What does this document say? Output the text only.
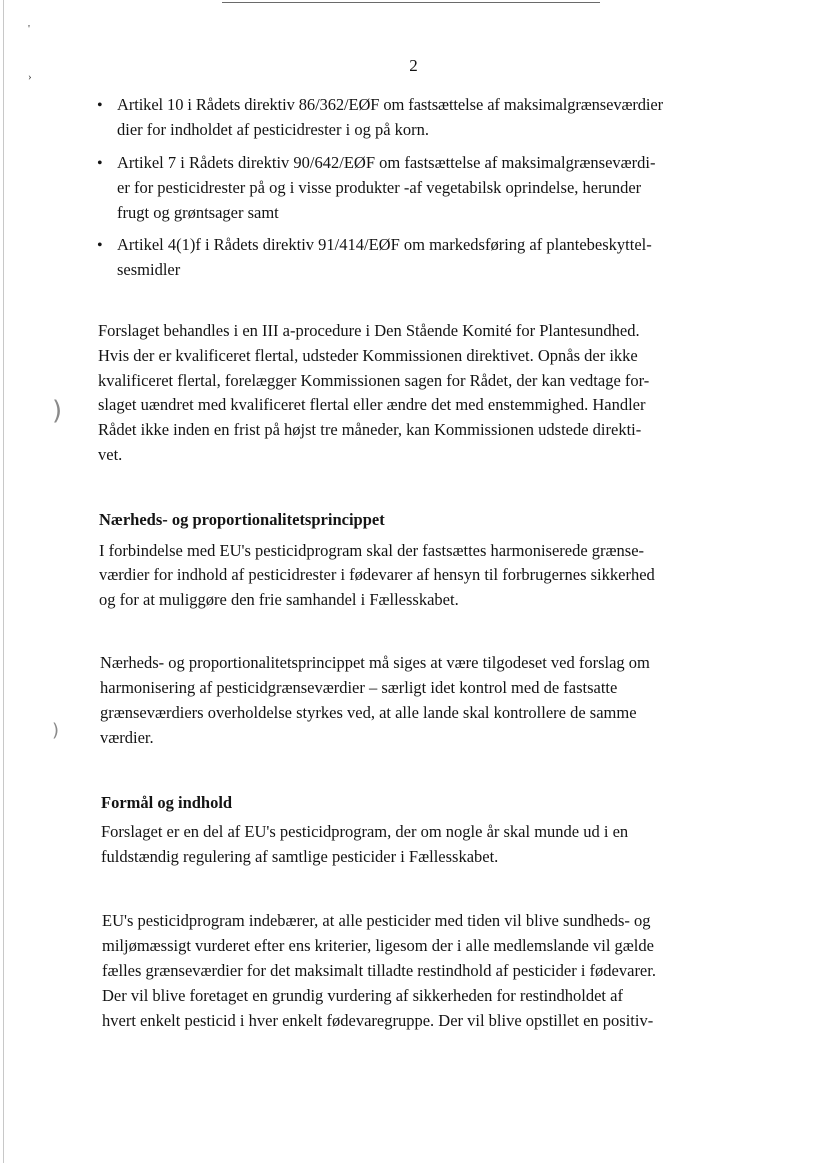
'
›
)
)
2
• Artikel 10 i Rådets direktiv 86/362/EØF om fastsættelse af maksimalgrænseværdier
dier for indholdet af pesticidrester i og på korn.
• Artikel 7 i Rådets direktiv 90/642/EØF om fastsættelse af maksimalgrænseværdi-
er for pesticidrester på og i visse produkter -af vegetabilsk oprindelse, herunder
frugt og grøntsager samt
• Artikel 4(1)f i Rådets direktiv 91/414/EØF om markedsføring af plantebeskyttel-
sesmidler
Forslaget behandles i en III a-procedure i Den Stående Komité for Plantesundhed.
Hvis der er kvalificeret flertal, udsteder Kommissionen direktivet. Opnås der ikke
kvalificeret flertal, forelægger Kommissionen sagen for Rådet, der kan vedtage for-
slaget uændret med kvalificeret flertal eller ændre det med enstemmighed. Handler
Rådet ikke inden en frist på højst tre måneder, kan Kommissionen udstede direkti-
vet.
Nærheds- og proportionalitetsprincippet
I forbindelse med EU's pesticidprogram skal der fastsættes harmoniserede grænse-
værdier for indhold af pesticidrester i fødevarer af hensyn til forbrugernes sikkerhed
og for at muliggøre den frie samhandel i Fællesskabet.
Nærheds- og proportionalitetsprincippet må siges at være tilgodeset ved forslag om
harmonisering af pesticidgrænseværdier – særligt idet kontrol med de fastsatte
grænseværdiers overholdelse styrkes ved, at alle lande skal kontrollere de samme
værdier.
Formål og indhold
Forslaget er en del af EU's pesticidprogram, der om nogle år skal munde ud i en
fuldstændig regulering af samtlige pesticider i Fællesskabet.
EU's pesticidprogram indebærer, at alle pesticider med tiden vil blive sundheds- og
miljømæssigt vurderet efter ens kriterier, ligesom der i alle medlemslande vil gælde
fælles grænseværdier for det maksimalt tilladte restindhold af pesticider i fødevarer.
Der vil blive foretaget en grundig vurdering af sikkerheden for restindholdet af
hvert enkelt pesticid i hver enkelt fødevaregruppe. Der vil blive opstillet en positiv-
